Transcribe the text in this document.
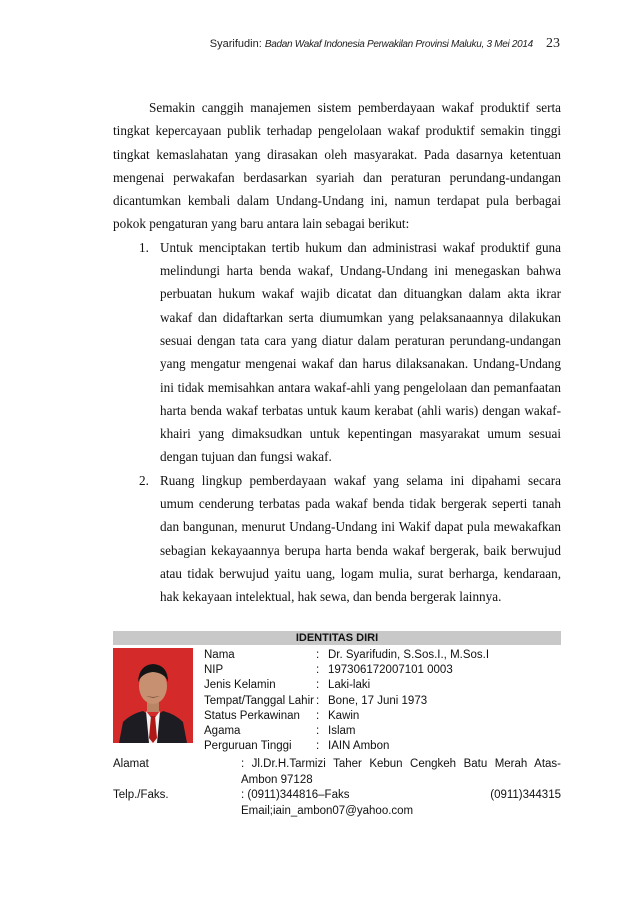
Syarifudin: Badan Wakaf Indonesia Perwakilan Provinsi Maluku, 3 Mei 2014 23

Semakin canggih manajemen sistem pemberdayaan wakaf produktif serta tingkat kepercayaan publik terhadap pengelolaan wakaf produktif semakin tinggi tingkat kemaslahatan yang dirasakan oleh masyarakat. Pada dasarnya ketentuan mengenai perwakafan berdasarkan syariah dan peraturan perundang-undangan dicantumkan kembali dalam Undang-Undang ini, namun terdapat pula berbagai pokok pengaturan yang baru antara lain sebagai berikut:

1. Untuk menciptakan tertib hukum dan administrasi wakaf produktif guna melindungi harta benda wakaf, Undang-Undang ini menegaskan bahwa perbuatan hukum wakaf wajib dicatat dan dituangkan dalam akta ikrar wakaf dan didaftarkan serta diumumkan yang pelaksanaannya dilakukan sesuai dengan tata cara yang diatur dalam peraturan perundang-undangan yang mengatur mengenai wakaf dan harus dilaksanakan. Undang-Undang ini tidak memisahkan antara wakaf-ahli yang pengelolaan dan pemanfaatan harta benda wakaf terbatas untuk kaum kerabat (ahli waris) dengan wakaf-khairi yang dimaksudkan untuk kepentingan masyarakat umum sesuai dengan tujuan dan fungsi wakaf.
2. Ruang lingkup pemberdayaan wakaf yang selama ini dipahami secara umum cenderung terbatas pada wakaf benda tidak bergerak seperti tanah dan bangunan, menurut Undang-Undang ini Wakif dapat pula mewakafkan sebagian kekayaannya berupa harta benda wakaf bergerak, baik berwujud atau tidak berwujud yaitu uang, logam mulia, surat berharga, kendaraan, hak kekayaan intelektual, hak sewa, dan benda bergerak lainnya.
IDENTITAS DIRI
Nama	: Dr. Syarifudin, S.Sos.I., M.Sos.I
NIP	: 197306172007101 0003
Jenis Kelamin	: Laki-laki
Tempat/Tanggal Lahir : Bone, 17 Juni 1973
Status Perkawinan	: Kawin
Agama	: Islam
Perguruan Tinggi	: IAIN Ambon
Alamat	: Jl.Dr.H.Tarmizi Taher Kebun Cengkeh Batu Merah Atas-
Ambon 97128
Telp./Faks.	: (0911)344816–Faks	(0911)344315
Email;iain_ambon07@yahoo.com
